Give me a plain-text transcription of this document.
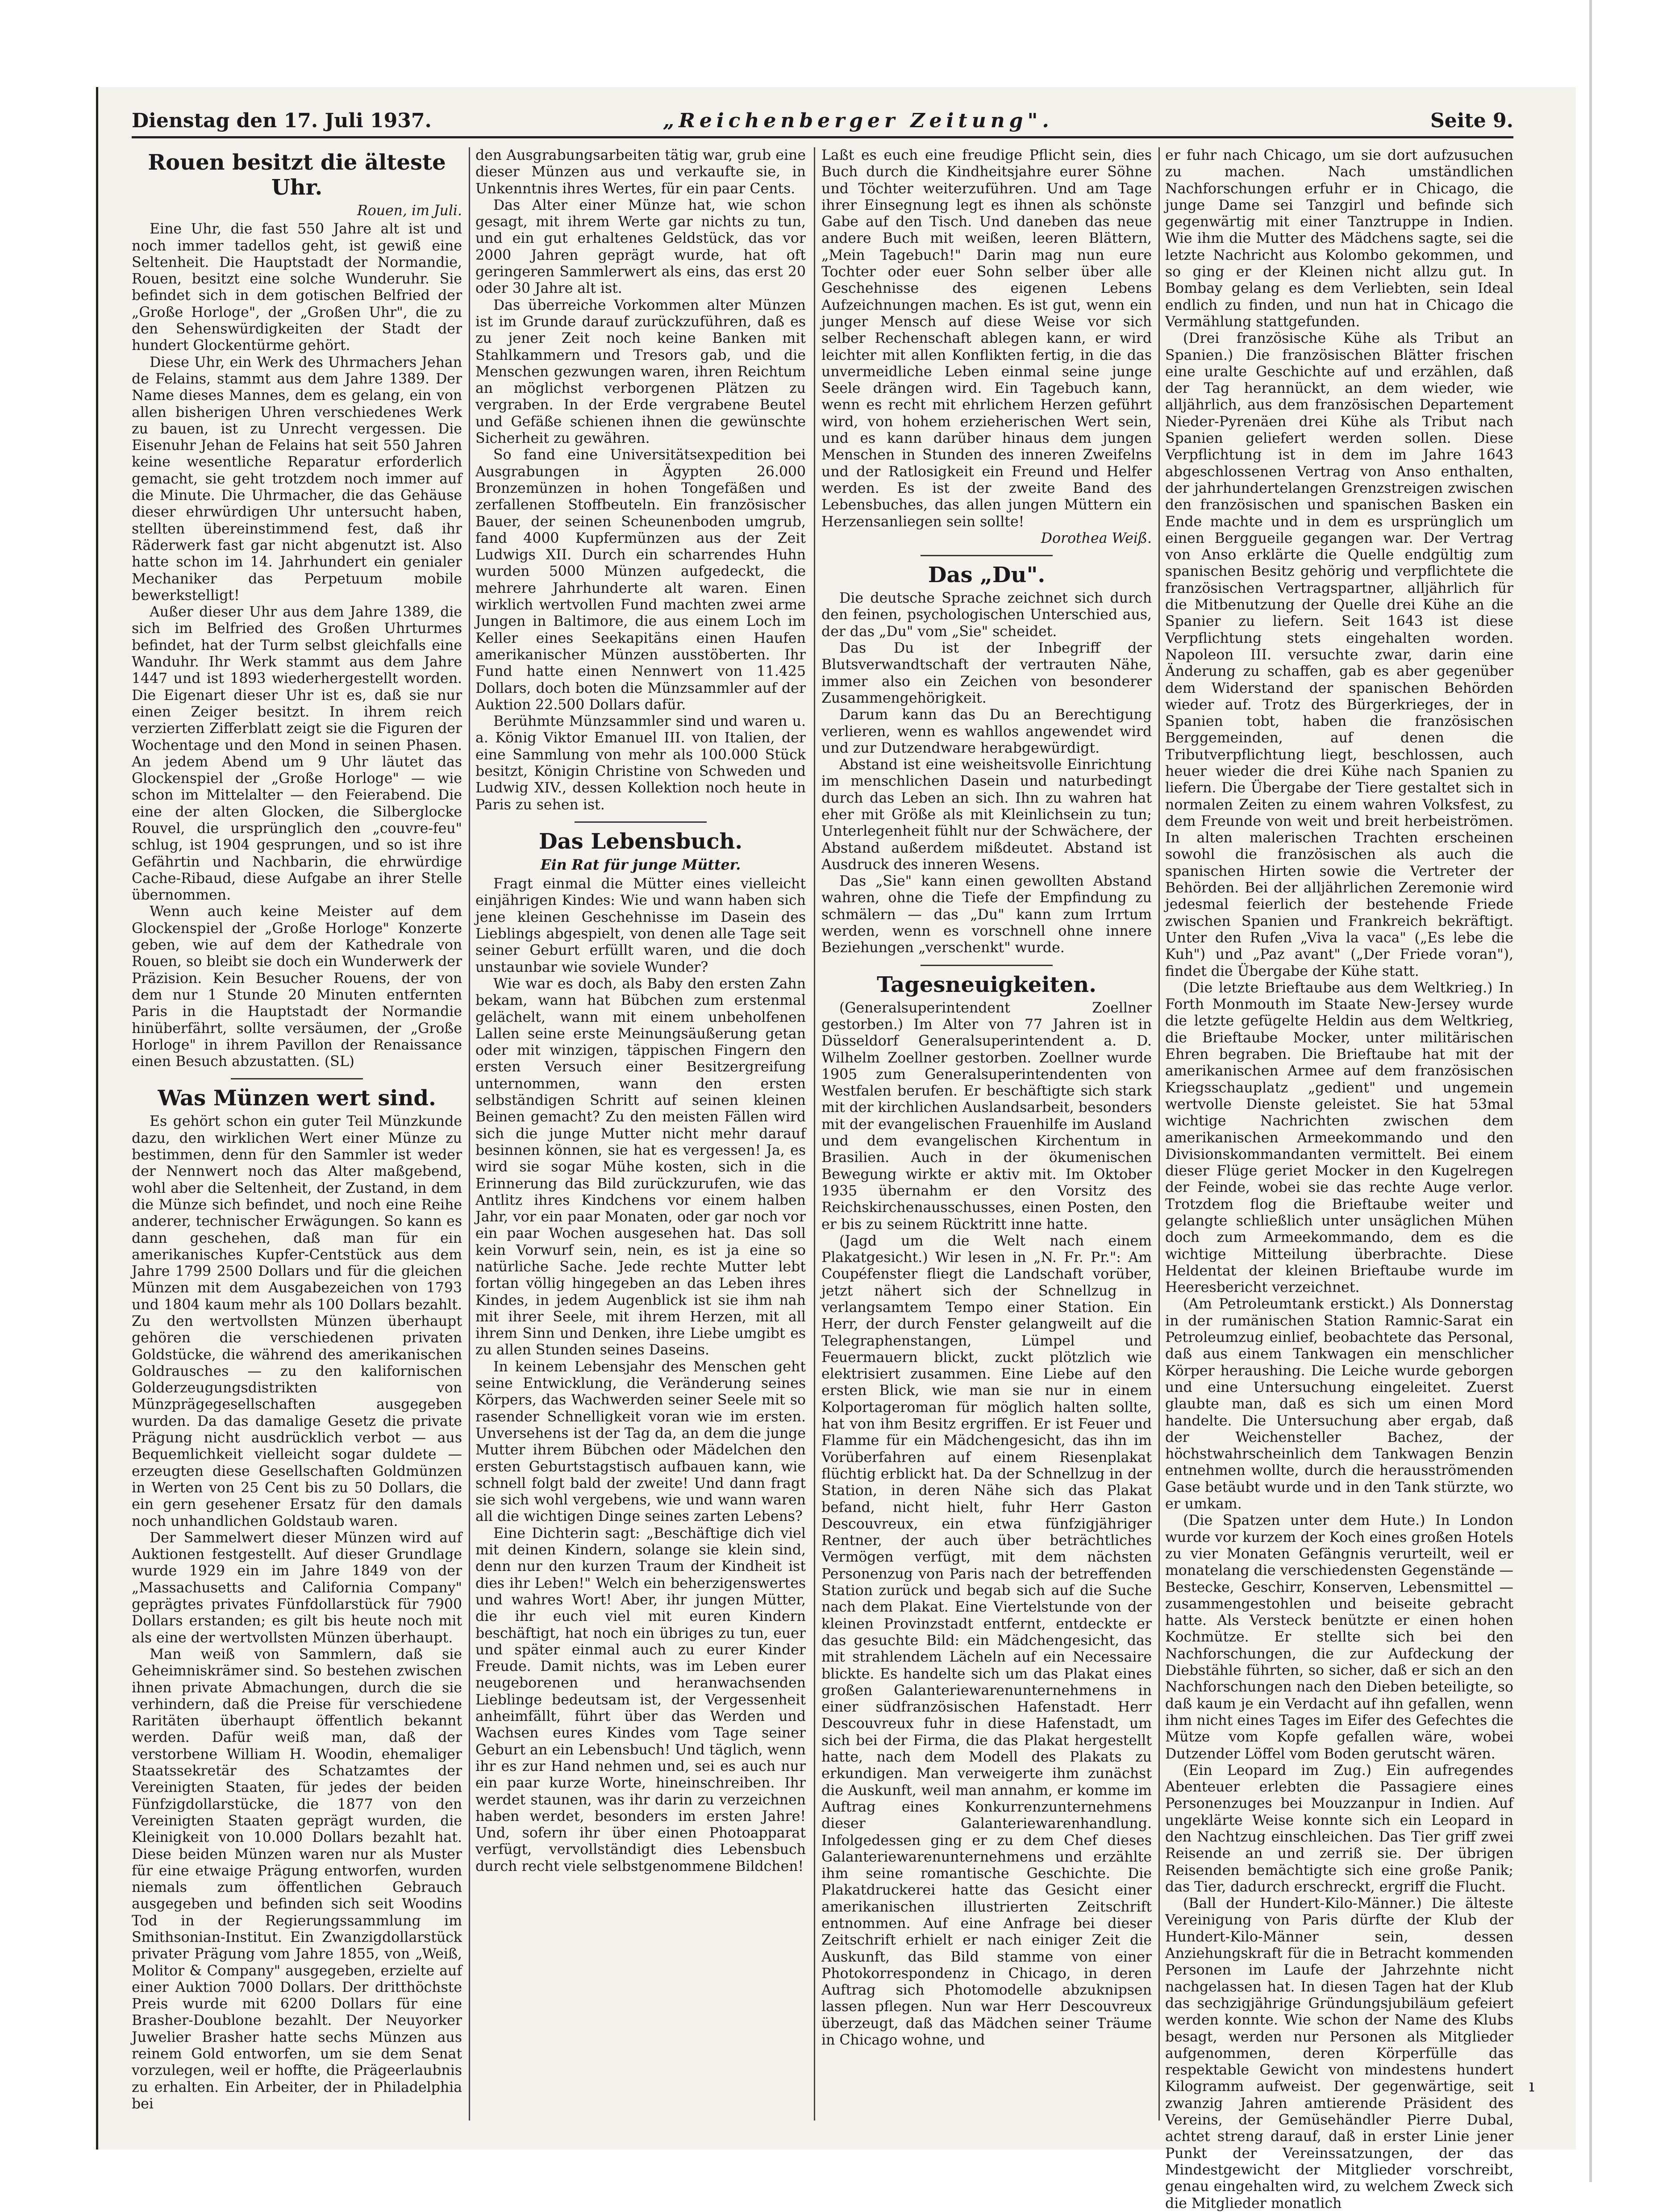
Dienstag den 17. Juli 1937.	„Reichenberger Zeitung".	Seite 9.
Rouen besitzt die älteste Uhr.
Rouen, im Juli.

Eine Uhr, die fast 550 Jahre alt ist und noch immer tadellos geht, ist gewiß eine Seltenheit. Die Hauptstadt der Normandie, Rouen, besitzt eine solche Wunderuhr. Sie befindet sich in dem gotischen Belfried der „Große Horloge", der „Großen Uhr", die zu den Sehenswürdigkeiten der Stadt der hundert Glockentürme gehört.

Diese Uhr, ein Werk des Uhrmachers Jehan de Felains, stammt aus dem Jahre 1389. Der Name dieses Mannes, dem es gelang, ein von allen bisherigen Uhren verschiedenes Werk zu bauen, ist zu Unrecht vergessen. Die Eisenuhr Jehan de Felains hat seit 550 Jahren keine wesentliche Reparatur erforderlich gemacht, sie geht trotzdem noch immer auf die Minute. Die Uhrmacher, die das Gehäuse dieser ehrwürdigen Uhr untersucht haben, stellten übereinstimmend fest, daß ihr Räderwerk fast gar nicht abgenutzt ist. Also hatte schon im 14. Jahrhundert ein genialer Mechaniker das Perpetuum mobile bewerkstelligt!

Außer dieser Uhr aus dem Jahre 1389, die sich im Belfried des Großen Uhrturmes befindet, hat der Turm selbst gleichfalls eine Wanduhr. Ihr Werk stammt aus dem Jahre 1447 und ist 1893 wiederhergestellt worden. Die Eigenart dieser Uhr ist es, daß sie nur einen Zeiger besitzt. In ihrem reich verzierten Zifferblatt zeigt sie die Figuren der Wochentage und den Mond in seinen Phasen. An jedem Abend um 9 Uhr läutet das Glockenspiel der „Große Horloge" — wie schon im Mittelalter — den Feierabend. Die eine der alten Glocken, die Silberglocke Rouvel, die ursprünglich den „couvre-feu" schlug, ist 1904 gesprungen, und so ist ihre Gefährtin und Nachbarin, die ehrwürdige Cache-Ribaud, diese Aufgabe an ihrer Stelle übernommen.

Wenn auch keine Meister auf dem Glockenspiel der „Große Horloge" Konzerte geben, wie auf dem der Kathedrale von Rouen, so bleibt sie doch ein Wunderwerk der Präzision. Kein Besucher Rouens, der von dem nur 1 Stunde 20 Minuten entfernten Paris in die Hauptstadt der Normandie hinüberfährt, sollte versäumen, der „Große Horloge" in ihrem Pavillon der Renaissance einen Besuch abzustatten. (SL)

Was Münzen wert sind.

Es gehört schon ein guter Teil Münzkunde dazu, den wirklichen Wert einer Münze zu bestimmen, denn für den Sammler ist weder der Nennwert noch das Alter maßgebend, wohl aber die Seltenheit, der Zustand, in dem die Münze sich befindet, und noch eine Reihe anderer, technischer Erwägungen. So kann es dann geschehen, daß man für ein amerikanisches Kupfer-Centstück aus dem Jahre 1799 2500 Dollars und für die gleichen Münzen mit dem Ausgabezeichen von 1793 und 1804 kaum mehr als 100 Dollars bezahlt. Zu den wertvollsten Münzen überhaupt gehören die verschiedenen privaten Goldstücke, die während des amerikanischen Goldrausches — zu den kalifornischen Golderzeugungsdistrikten von Münzprägegesellschaften ausgegeben wurden. Da das damalige Gesetz die private Prägung nicht ausdrücklich verbot — aus Bequemlichkeit vielleicht sogar duldete — erzeugten diese Gesellschaften Goldmünzen in Werten von 25 Cent bis zu 50 Dollars, die ein gern gesehener Ersatz für den damals noch unhandlichen Goldstaub waren.

Der Sammelwert dieser Münzen wird auf Auktionen festgestellt. Auf dieser Grundlage wurde 1929 ein im Jahre 1849 von der „Massachusetts and California Company" geprägtes privates Fünfdollarstück für 7900 Dollars erstanden; es gilt bis heute noch mit als eine der wertvollsten Münzen überhaupt.

Man weiß von Sammlern, daß sie Geheimniskrämer sind. So bestehen zwischen ihnen private Abmachungen, durch die sie verhindern, daß die Preise für verschiedene Raritäten überhaupt öffentlich bekannt werden. Dafür weiß man, daß der verstorbene William H. Woodin, ehemaliger Staatssekretär des Schatzamtes der Vereinigten Staaten, für jedes der beiden Fünfzigdollarstücke, die 1877 von den Vereinigten Staaten geprägt wurden, die Kleinigkeit von 10.000 Dollars bezahlt hat. Diese beiden Münzen waren nur als Muster für eine etwaige Prägung entworfen, wurden niemals zum öffentlichen Gebrauch ausgegeben und befinden sich seit Woodins Tod in der Regierungssammlung im Smithsonian-Institut. Ein Zwanzigdollarstück privater Prägung vom Jahre 1855, von „Weiß, Molitor & Company" ausgegeben, erzielte auf einer Auktion 7000 Dollars. Der dritthöchste Preis wurde mit 6200 Dollars für eine Brasher-Doublone bezahlt. Der Neuyorker Juwelier Brasher hatte sechs Münzen aus reinem Gold entworfen, um sie dem Senat vorzulegen, weil er hoffte, die Prägeerlaubnis zu erhalten. Ein Arbeiter, der in Philadelphia bei

den Ausgrabungsarbeiten tätig war, grub eine dieser Münzen aus und verkaufte sie, in Unkenntnis ihres Wertes, für ein paar Cents.

Das Alter einer Münze hat, wie schon gesagt, mit ihrem Werte gar nichts zu tun, und ein gut erhaltenes Geldstück, das vor 2000 Jahren geprägt wurde, hat oft geringeren Sammlerwert als eins, das erst 20 oder 30 Jahre alt ist.

Das überreiche Vorkommen alter Münzen ist im Grunde darauf zurückzuführen, daß es zu jener Zeit noch keine Banken mit Stahlkammern und Tresors gab, und die Menschen gezwungen waren, ihren Reichtum an möglichst verborgenen Plätzen zu vergraben. In der Erde vergrabene Beutel und Gefäße schienen ihnen die gewünschte Sicherheit zu gewähren.

So fand eine Universitätsexpedition bei Ausgrabungen in Ägypten 26.000 Bronzemünzen in hohen Tongefäßen und zerfallenen Stoffbeuteln. Ein französischer Bauer, der seinen Scheunenboden umgrub, fand 4000 Kupfermünzen aus der Zeit Ludwigs XII. Durch ein scharrendes Huhn wurden 5000 Münzen aufgedeckt, die mehrere Jahrhunderte alt waren. Einen wirklich wertvollen Fund machten zwei arme Jungen in Baltimore, die aus einem Loch im Keller eines Seekapitäns einen Haufen amerikanischer Münzen ausstöberten. Ihr Fund hatte einen Nennwert von 11.425 Dollars, doch boten die Münzsammler auf der Auktion 22.500 Dollars dafür.

Berühmte Münzsammler sind und waren u. a. König Viktor Emanuel III. von Italien, der eine Sammlung von mehr als 100.000 Stück besitzt, Königin Christine von Schweden und Ludwig XIV., dessen Kollektion noch heute in Paris zu sehen ist.

Das Lebensbuch.
Ein Rat für junge Mütter.

Fragt einmal die Mütter eines vielleicht einjährigen Kindes: Wie und wann haben sich jene kleinen Geschehnisse im Dasein des Lieblings abgespielt, von denen alle Tage seit seiner Geburt erfüllt waren, und die doch unstaunbar wie soviele Wunder?

Wie war es doch, als Baby den ersten Zahn bekam, wann hat Bübchen zum erstenmal gelächelt, wann mit einem unbeholfenen Lallen seine erste Meinungsäußerung getan oder mit winzigen, täppischen Fingern den ersten Versuch einer Besitzergreifung unternommen, wann den ersten selbständigen Schritt auf seinen kleinen Beinen gemacht? Zu den meisten Fällen wird sich die junge Mutter nicht mehr darauf besinnen können, sie hat es vergessen! Ja, es wird sie sogar Mühe kosten, sich in die Erinnerung das Bild zurückzurufen, wie das Antlitz ihres Kindchens vor einem halben Jahr, vor ein paar Monaten, oder gar noch vor ein paar Wochen ausgesehen hat. Das soll kein Vorwurf sein, nein, es ist ja eine so natürliche Sache. Jede rechte Mutter lebt fortan völlig hingegeben an das Leben ihres Kindes, in jedem Augenblick ist sie ihm nah mit ihrer Seele, mit ihrem Herzen, mit all ihrem Sinn und Denken, ihre Liebe umgibt es zu allen Stunden seines Daseins.

In keinem Lebensjahr des Menschen geht seine Entwicklung, die Veränderung seines Körpers, das Wachwerden seiner Seele mit so rasender Schnelligkeit voran wie im ersten. Unversehens ist der Tag da, an dem die junge Mutter ihrem Bübchen oder Mädelchen den ersten Geburtstagstisch aufbauen kann, wie schnell folgt bald der zweite! Und dann fragt sie sich wohl vergebens, wie und wann waren all die wichtigen Dinge seines zarten Lebens?

Eine Dichterin sagt: „Beschäftige dich viel mit deinen Kindern, solange sie klein sind, denn nur den kurzen Traum der Kindheit ist dies ihr Leben!" Welch ein beherzigenswertes und wahres Wort! Aber, ihr jungen Mütter, die ihr euch viel mit euren Kindern beschäftigt, hat noch ein übriges zu tun, euer und später einmal auch zu eurer Kinder Freude. Damit nichts, was im Leben eurer neugeborenen und heranwachsenden Lieblinge bedeutsam ist, der Vergessenheit anheimfällt, führt über das Werden und Wachsen eures Kindes vom Tage seiner Geburt an ein Lebensbuch! Und täglich, wenn ihr es zur Hand nehmen und, sei es auch nur ein paar kurze Worte, hineinschreiben. Ihr werdet staunen, was ihr darin zu verzeichnen haben werdet, besonders im ersten Jahre! Und, sofern ihr über einen Photoapparat verfügt, vervollständigt dies Lebensbuch durch recht viele selbstgenommene Bildchen!

Laßt es euch eine freudige Pflicht sein, dies Buch durch die Kindheitsjahre eurer Söhne und Töchter weiterzuführen. Und am Tage ihrer Einsegnung legt es ihnen als schönste Gabe auf den Tisch. Und daneben das neue andere Buch mit weißen, leeren Blättern, „Mein Tagebuch!" Darin mag nun eure Tochter oder euer Sohn selber über alle Geschehnisse des eigenen Lebens Aufzeichnungen machen. Es ist gut, wenn ein junger Mensch auf diese Weise vor sich selber Rechenschaft ablegen kann, er wird leichter mit allen Konflikten fertig, in die das unvermeidliche Leben einmal seine junge Seele drängen wird. Ein Tagebuch kann, wenn es recht mit ehrlichem Herzen geführt wird, von hohem erzieherischen Wert sein, und es kann darüber hinaus dem jungen Menschen in Stunden des inneren Zweifelns und der Ratlosigkeit ein Freund und Helfer werden. Es ist der zweite Band des Lebensbuches, das allen jungen Müttern ein Herzensanliegen sein sollte!

Dorothea Weiß.
Das „Du".

Die deutsche Sprache zeichnet sich durch den feinen, psychologischen Unterschied aus, der das „Du" vom „Sie" scheidet.

Das Du ist der Inbegriff der Blutsverwandtschaft der vertrauten Nähe, immer also ein Zeichen von besonderer Zusammengehörigkeit.

Darum kann das Du an Berechtigung verlieren, wenn es wahllos angewendet wird und zur Dutzendware herabgewürdigt.

Abstand ist eine weisheitsvolle Einrichtung im menschlichen Dasein und naturbedingt durch das Leben an sich. Ihn zu wahren hat eher mit Größe als mit Kleinlichsein zu tun; Unterlegenheit fühlt nur der Schwächere, der Abstand außerdem mißdeutet. Abstand ist Ausdruck des inneren Wesens.

Das „Sie" kann einen gewollten Abstand wahren, ohne die Tiefe der Empfindung zu schmälern — das „Du" kann zum Irrtum werden, wenn es vorschnell ohne innere Beziehungen „verschenkt" wurde.

Tagesneuigkeiten.

(Generalsuperintendent Zoellner gestorben.) Im Alter von 77 Jahren ist in Düsseldorf Generalsuperintendent a. D. Wilhelm Zoellner gestorben. Zoellner wurde 1905 zum Generalsuperintendenten von Westfalen berufen. Er beschäftigte sich stark mit der kirchlichen Auslandsarbeit, besonders mit der evangelischen Frauenhilfe im Ausland und dem evangelischen Kirchentum in Brasilien. Auch in der ökumenischen Bewegung wirkte er aktiv mit. Im Oktober 1935 übernahm er den Vorsitz des Reichskirchenausschusses, einen Posten, den er bis zu seinem Rücktritt inne hatte.

(Jagd um die Welt nach einem Plakatgesicht.) Wir lesen in „N. Fr. Pr.": Am Coupéfenster fliegt die Landschaft vorüber, jetzt nähert sich der Schnellzug in verlangsamtem Tempo einer Station. Ein Herr, der durch Fenster gelangweilt auf die Telegraphenstangen, Lümpel und Feuermauern blickt, zuckt plötzlich wie elektrisiert zusammen. Eine Liebe auf den ersten Blick, wie man sie nur in einem Kolportageroman für möglich halten sollte, hat von ihm Besitz ergriffen. Er ist Feuer und Flamme für ein Mädchengesicht, das ihn im Vorüberfahren auf einem Riesenplakat flüchtig erblickt hat. Da der Schnellzug in der Station, in deren Nähe sich das Plakat befand, nicht hielt, fuhr Herr Gaston Descouvreux, ein etwa fünfzigjähriger Rentner, der auch über beträchtliches Vermögen verfügt, mit dem nächsten Personenzug von Paris nach der betreffenden Station zurück und begab sich auf die Suche nach dem Plakat. Eine Viertelstunde von der kleinen Provinzstadt entfernt, entdeckte er das gesuchte Bild: ein Mädchengesicht, das mit strahlendem Lächeln auf ein Necessaire blickte. Es handelte sich um das Plakat eines großen Galanteriewarenunternehmens in einer südfranzösischen Hafenstadt. Herr Descouvreux fuhr in diese Hafenstadt, um sich bei der Firma, die das Plakat hergestellt hatte, nach dem Modell des Plakats zu erkundigen. Man verweigerte ihm zunächst die Auskunft, weil man annahm, er komme im Auftrag eines Konkurrenzunternehmens dieser Galanteriewarenhandlung. Infolgedessen ging er zu dem Chef dieses Galanteriewarenunternehmens und erzählte ihm seine romantische Geschichte. Die Plakatdruckerei hatte das Gesicht einer amerikanischen illustrierten Zeitschrift entnommen. Auf eine Anfrage bei dieser Zeitschrift erhielt er nach einiger Zeit die Auskunft, das Bild stamme von einer Photokorrespondenz in Chicago, in deren Auftrag sich Photomodelle abzuknipsen lassen pflegen. Nun war Herr Descouvreux überzeugt, daß das Mädchen seiner Träume in Chicago wohne, und

er fuhr nach Chicago, um sie dort aufzusuchen zu machen. Nach umständlichen Nachforschungen erfuhr er in Chicago, die junge Dame sei Tanzgirl und befinde sich gegenwärtig mit einer Tanztruppe in Indien. Wie ihm die Mutter des Mädchens sagte, sei die letzte Nachricht aus Kolombo gekommen, und so ging er der Kleinen nicht allzu gut. In Bombay gelang es dem Verliebten, sein Ideal endlich zu finden, und nun hat in Chicago die Vermählung stattgefunden.

(Drei französische Kühe als Tribut an Spanien.) Die französischen Blätter frischen eine uralte Geschichte auf und erzählen, daß der Tag herannückt, an dem wieder, wie alljährlich, aus dem französischen Departement Nieder-Pyrenäen drei Kühe als Tribut nach Spanien geliefert werden sollen. Diese Verpflichtung ist in dem im Jahre 1643 abgeschlossenen Vertrag von Anso enthalten, der jahrhundertelangen Grenzstreigen zwischen den französischen und spanischen Basken ein Ende machte und in dem es ursprünglich um einen Berggueile gegangen war. Der Vertrag von Anso erklärte die Quelle endgültig zum spanischen Besitz gehörig und verpflichtete die französischen Vertragspartner, alljährlich für die Mitbenutzung der Quelle drei Kühe an die Spanier zu liefern. Seit 1643 ist diese Verpflichtung stets eingehalten worden. Napoleon III. versuchte zwar, darin eine Änderung zu schaffen, gab es aber gegenüber dem Widerstand der spanischen Behörden wieder auf. Trotz des Bürgerkrieges, der in Spanien tobt, haben die französischen Berggemeinden, auf denen die Tributverpflichtung liegt, beschlossen, auch heuer wieder die drei Kühe nach Spanien zu liefern. Die Übergabe der Tiere gestaltet sich in normalen Zeiten zu einem wahren Volksfest, zu dem Freunde von weit und breit herbeiströmen. In alten malerischen Trachten erscheinen sowohl die französischen als auch die spanischen Hirten sowie die Vertreter der Behörden. Bei der alljährlichen Zeremonie wird jedesmal feierlich der bestehende Friede zwischen Spanien und Frankreich bekräftigt. Unter den Rufen „Viva la vaca" („Es lebe die Kuh") und „Paz avant" („Der Friede voran"), findet die Übergabe der Kühe statt.

(Die letzte Brieftaube aus dem Weltkrieg.) In Forth Monmouth im Staate New-Jersey wurde die letzte gefügelte Heldin aus dem Weltkrieg, die Brieftaube Mocker, unter militärischen Ehren begraben. Die Brieftaube hat mit der amerikanischen Armee auf dem französischen Kriegsschauplatz „gedient" und ungemein wertvolle Dienste geleistet. Sie hat 53mal wichtige Nachrichten zwischen dem amerikanischen Armeekommando und den Divisionskommandanten vermittelt. Bei einem dieser Flüge geriet Mocker in den Kugelregen der Feinde, wobei sie das rechte Auge verlor. Trotzdem flog die Brieftaube weiter und gelangte schließlich unter unsäglichen Mühen doch zum Armeekommando, dem es die wichtige Mitteilung überbrachte. Diese Heldentat der kleinen Brieftaube wurde im Heeresbericht verzeichnet.

(Am Petroleumtank erstickt.) Als Donnerstag in der rumänischen Station Ramnic-Sarat ein Petroleumzug einlief, beobachtete das Personal, daß aus einem Tankwagen ein menschlicher Körper heraushing. Die Leiche wurde geborgen und eine Untersuchung eingeleitet. Zuerst glaubte man, daß es sich um einen Mord handelte. Die Untersuchung aber ergab, daß der Weichensteller Bachez, der höchstwahrscheinlich dem Tankwagen Benzin entnehmen wollte, durch die herausströmenden Gase betäubt wurde und in den Tank stürzte, wo er umkam.

(Die Spatzen unter dem Hute.) In London wurde vor kurzem der Koch eines großen Hotels zu vier Monaten Gefängnis verurteilt, weil er monatelang die verschiedensten Gegenstände — Bestecke, Geschirr, Konserven, Lebensmittel — zusammengestohlen und beiseite gebracht hatte. Als Versteck benützte er einen hohen Kochmütze. Er stellte sich bei den Nachforschungen, die zur Aufdeckung der Diebstähle führten, so sicher, daß er sich an den Nachforschungen nach den Dieben beteiligte, so daß kaum je ein Verdacht auf ihn gefallen, wenn ihm nicht eines Tages im Eifer des Gefechtes die Mütze vom Kopfe gefallen wäre, wobei Dutzender Löffel vom Boden gerutscht wären.

(Ein Leopard im Zug.) Ein aufregendes Abenteuer erlebten die Passagiere eines Personenzuges bei Mouzzanpur in Indien. Auf ungeklärte Weise konnte sich ein Leopard in den Nachtzug einschleichen. Das Tier griff zwei Reisende an und zerriß sie. Der übrigen Reisenden bemächtigte sich eine große Panik; das Tier, dadurch erschreckt, ergriff die Flucht.

(Ball der Hundert-Kilo-Männer.) Die älteste Vereinigung von Paris dürfte der Klub der Hundert-Kilo-Männer sein, dessen Anziehungskraft für die in Betracht kommenden Personen im Laufe der Jahrzehnte nicht nachgelassen hat. In diesen Tagen hat der Klub das sechzigjährige Gründungsjubiläum gefeiert werden konnte. Wie schon der Name des Klubs besagt, werden nur Personen als Mitglieder aufgenommen, deren Körperfülle das respektable Gewicht von mindestens hundert Kilogramm aufweist. Der gegenwärtige, seit zwanzig Jahren amtierende Präsident des Vereins, der Gemüsehändler Pierre Dubal, achtet streng darauf, daß in erster Linie jener Punkt der Vereinssatzungen, der das Mindestgewicht der Mitglieder vorschreibt, genau eingehalten wird, zu welchem Zweck sich die Mitglieder monatlich

ı
